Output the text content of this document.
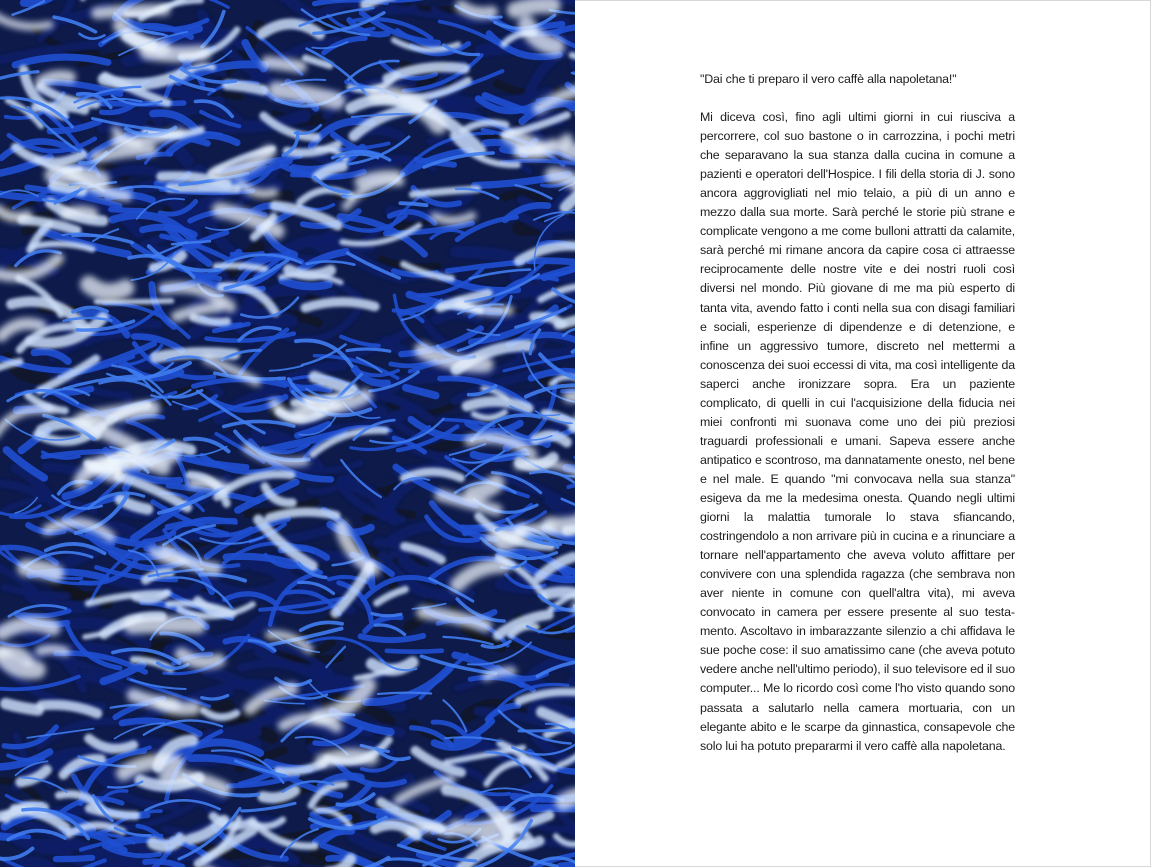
"Dai che ti preparo il vero caffè alla napoletana!"

Mi diceva così, fino agli ultimi giorni in cui riusciva a percorrere, col suo bastone o in carrozzina, i pochi metri che separavano la sua stanza dalla cucina in comune a pazienti e operatori dell'Hospice. I fili della storia di J. sono ancora aggrovigliati nel mio telaio, a più di un anno e mezzo dalla sua morte. Sarà perché le storie più strane e complicate vengono a me come bulloni attratti da calamite, sarà perché mi rimane ancora da capire cosa ci attraesse reciprocamente delle nostre vite e dei nostri ruoli così diversi nel mondo. Più giovane di me ma più esperto di tanta vita, avendo fatto i conti nella sua con disagi familiari e sociali, esperienze di dipendenze e di detenzione, e infine un aggressivo tumore, discreto nel mettermi a conoscenza dei suoi eccessi di vita, ma così intelligente da saperci anche ironizzare sopra. Era un paziente complicato, di quelli in cui l'acquisizione della fiducia nei miei confronti mi suonava come uno dei più preziosi traguardi professionali e umani. Sapeva essere anche antipatico e scontroso, ma dannatamente onesto, nel bene e nel male. E quando "mi convocava nella sua stanza" esigeva da me la medesima onesta. Quando negli ultimi giorni la malattia tumorale lo stava sfiancando, costringendolo a non arrivare più in cucina e a rinunciare a tornare nell'appartamento che aveva voluto affittare per convivere con una splendida ragazza (che sembrava non aver niente in comune con quell'altra vita), mi aveva convocato in camera per essere presente al suo testamento. Ascoltavo in imbarazzante silenzio a chi affidava le sue poche cose: il suo amatissimo cane (che aveva potuto vedere anche nell'ultimo periodo), il suo televisore ed il suo computer... Me lo ricordo così come l'ho visto quando sono passata a salutarlo nella camera mortuaria, con un elegante abito e le scarpe da ginnastica, consapevole che solo lui ha potuto prepararmi il vero caffè alla napoletana.
